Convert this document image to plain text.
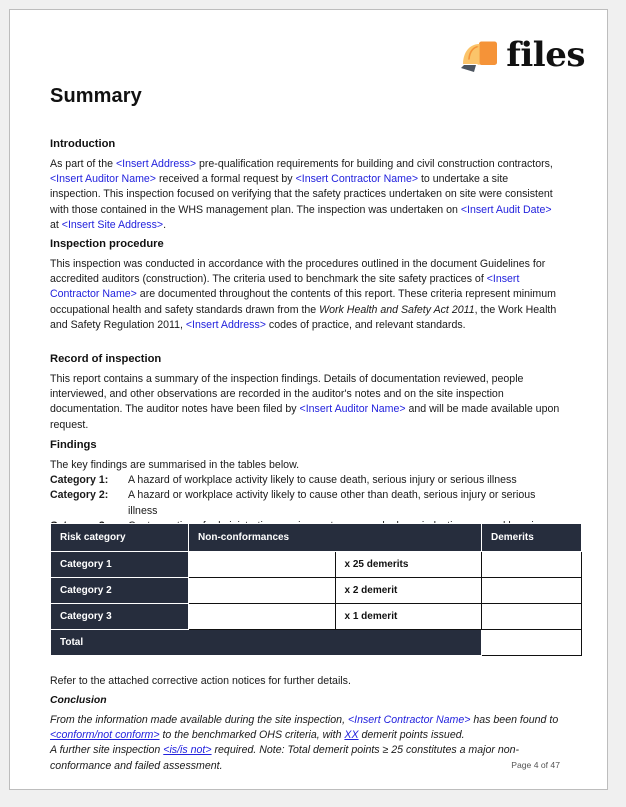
files
Summary
Introduction

As part of the <Insert Address> pre-qualification requirements for building and civil construction contractors, <Insert Auditor Name> received a formal request by <Insert Contractor Name> to undertake a site inspection. This inspection focused on verifying that the safety practices undertaken on site were consistent with those contained in the WHS management plan. The inspection was undertaken on <Insert Audit Date> at <Insert Site Address>.

Inspection procedure

This inspection was conducted in accordance with the procedures outlined in the document Guidelines for accredited auditors (construction). The criteria used to benchmark the site safety practices of <Insert Contractor Name> are documented throughout the contents of this report. These criteria represent minimum occupational health and safety standards drawn from the Work Health and Safety Act 2011, the Work Health and Safety Regulation 2011, <Insert Address> codes of practice, and relevant standards.

Record of inspection

This report contains a summary of the inspection findings. Details of documentation reviewed, people interviewed, and other observations are recorded in the auditor's notes and on the site inspection documentation. The auditor notes have been filed by <Insert Auditor Name> and will be made available upon request.

Findings
The key findings are summarised in the tables below.
Category 1:	A hazard of workplace activity likely to cause death, serious injury or serious illness
Category 2:	A hazard or workplace activity likely to cause other than death, serious injury or serious illness
Risk category	Non-conformances		Demerits
Category 1		x 25 demerits	
Category 2		x 2 demerit	
Category 3		x 1 demerit	
Total			
Refer to the attached corrective action notices for further details.
Conclusion

From the information made available during the site inspection, <Insert Contractor Name> has been found to <conform/not conform> to the benchmarked OHS criteria, with XX demerit points issued.

A further site inspection <is/is not> required. Note: Total demerit points ≥ 25 constitutes a major non-conformance and failed assessment.	Page 4 of 47
